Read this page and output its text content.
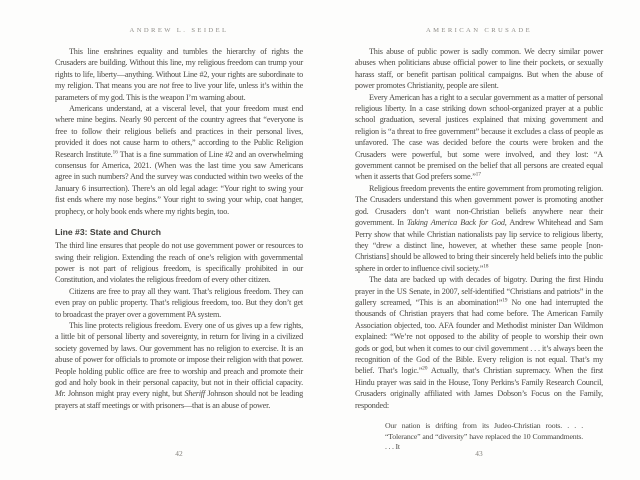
ANDREW L. SEIDEL

This line enshrines equality and tumbles the hierarchy of rights the Crusaders are building. Without this line, my religious freedom can trump your rights to life, liberty—anything. Without Line #2, your rights are subordinate to my religion. That means you are not free to live your life, unless it’s within the parameters of my god. This is the weapon I’m warning about.

Americans understand, at a visceral level, that your freedom must end where mine begins. Nearly 90 percent of the country agrees that “everyone is free to follow their religious beliefs and practices in their personal lives, provided it does not cause harm to others,” according to the Public Religion Research Institute.$^{16}$ That is a fine summation of Line #2 and an overwhelming consensus for America, 2021. (When was the last time you saw Americans agree in such numbers? And the survey was conducted within two weeks of the January 6 insurrection). There’s an old legal adage: “Your right to swing your fist ends where my nose begins.” Your right to swing your whip, coat hanger, prophecy, or holy book ends where my rights begin, too.

Line #3: State and Church

The third line ensures that people do not use government power or resources to swing their religion. Extending the reach of one’s religion with governmental power is not part of religious freedom, is specifically prohibited in our Constitution, and violates the religious freedom of every other citizen.

Citizens are free to pray all they want. That’s religious freedom. They can even pray on public property. That’s religious freedom, too. But they don’t get to broadcast the prayer over a government PA system.

This line protects religious freedom. Every one of us gives up a few rights, a little bit of personal liberty and sovereignty, in return for living in a civilized society governed by laws. Our government has no religion to exercise. It is an abuse of power for officials to promote or impose their religion with that power. People holding public office are free to worship and preach and promote their god and holy book in their personal capacity, but not in their official capacity. Mr. Johnson might pray every night, but Sheriff Johnson should not be leading prayers at staff meetings or with prisoners—that is an abuse of power.

42
AMERICAN CRUSADE

This abuse of public power is sadly common. We decry similar power abuses when politicians abuse official power to line their pockets, or sexually harass staff, or benefit partisan political campaigns. But when the abuse of power promotes Christianity, people are silent.

Every American has a right to a secular government as a matter of personal religious liberty. In a case striking down school-organized prayer at a public school graduation, several justices explained that mixing government and religion is “a threat to free government” because it excludes a class of people as unfavored. The case was decided before the courts were broken and the Crusaders were powerful, but some were involved, and they lost: “A government cannot be premised on the belief that all persons are created equal when it asserts that God prefers some.”$^{17}$

Religious freedom prevents the entire government from promoting religion. The Crusaders understand this when government power is promoting another god. Crusaders don’t want non-Christian beliefs anywhere near their government. In Taking America Back for God, Andrew Whitehead and Sam Perry show that while Christian nationalists pay lip service to religious liberty, they “drew a distinct line, however, at whether these same people [non-Christians] should be allowed to bring their sincerely held beliefs into the public sphere in order to influence civil society.”$^{18}$

The data are backed up with decades of bigotry. During the first Hindu prayer in the US Senate, in 2007, self-identified “Christians and patriots” in the gallery screamed, “This is an abomination!”$^{19}$ No one had interrupted the thousands of Christian prayers that had come before. The American Family Association objected, too. AFA founder and Methodist minister Dan Wildmon explained: “We’re not opposed to the ability of people to worship their own gods or god, but when it comes to our civil government . . . it’s always been the recognition of the God of the Bible. Every religion is not equal. That’s my belief. That’s logic.”$^{20}$ Actually, that’s Christian supremacy. When the first Hindu prayer was said in the House, Tony Perkins’s Family Research Council, Crusaders originally affiliated with James Dobson’s Focus on the Family, responded:

Our nation is drifting from its Judeo-Christian roots. . . . “Tolerance” and “diversity” have replaced the 10 Commandments. . . . It
43
